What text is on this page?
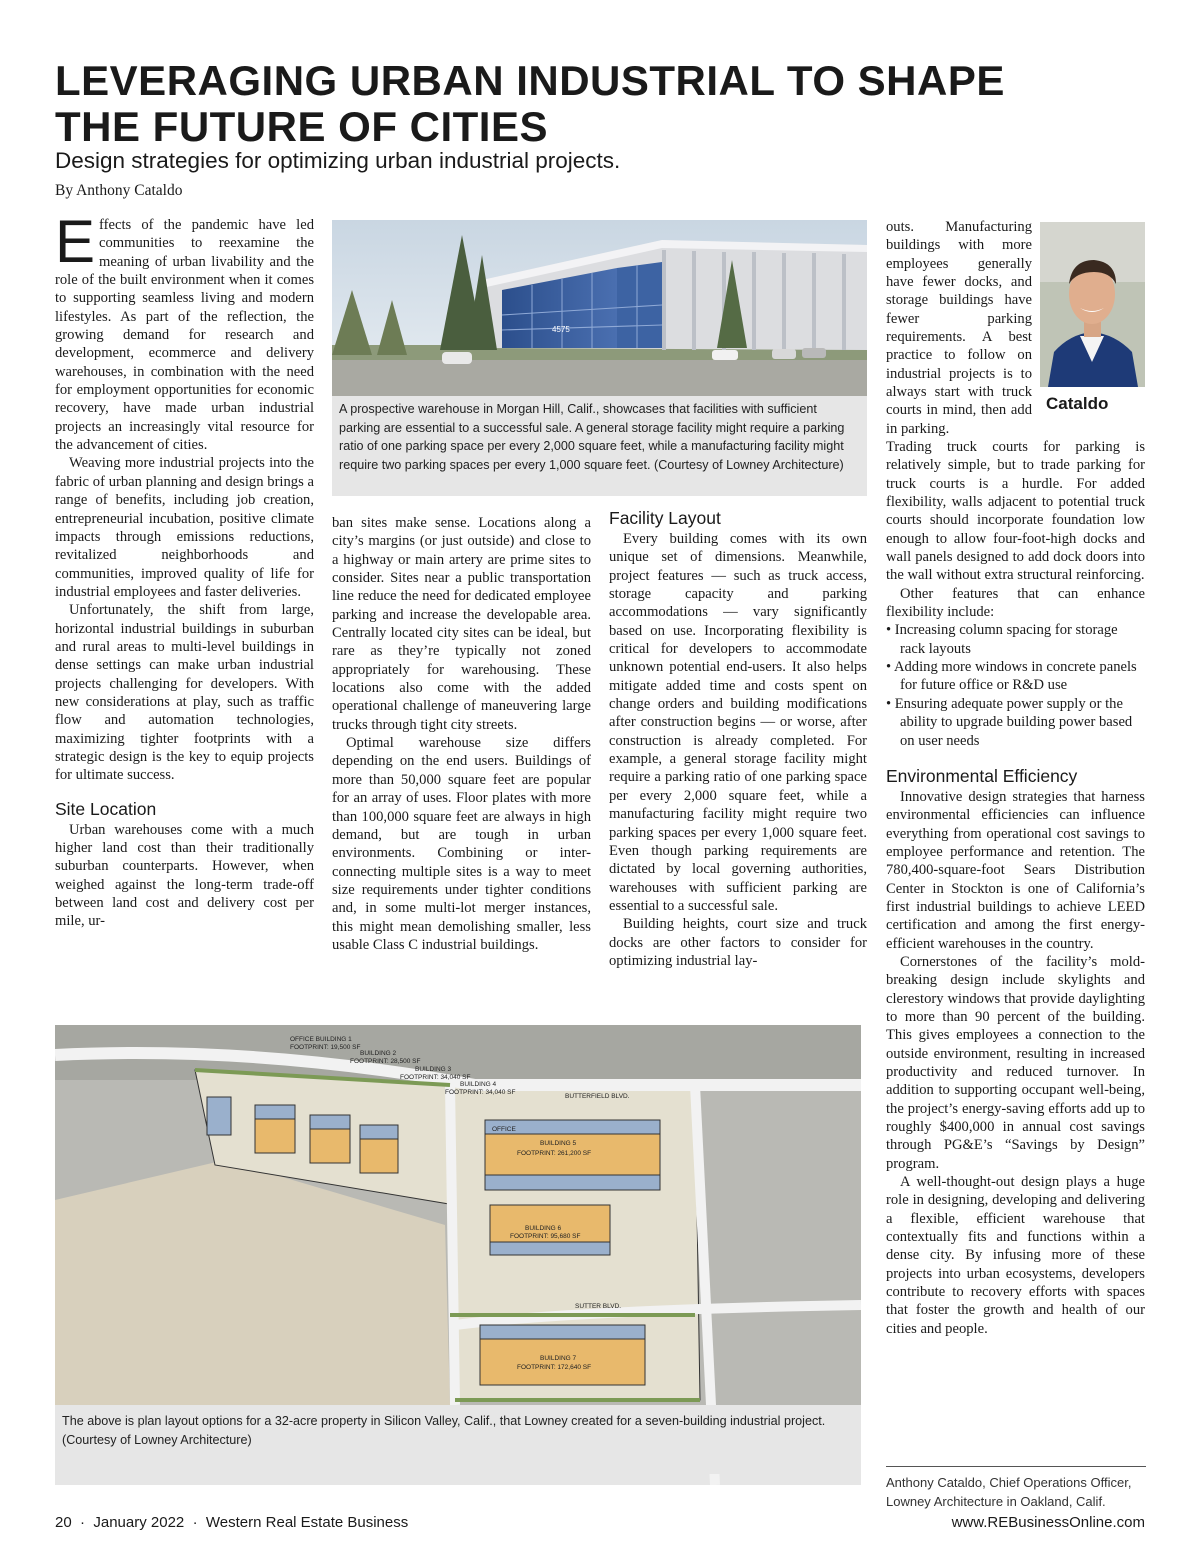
LEVERAGING URBAN INDUSTRIAL TO SHAPE THE FUTURE OF CITIES
Design strategies for optimizing urban industrial projects.
By Anthony Cataldo

Effects of the pandemic have led communities to reexamine the meaning of urban livability and the role of the built environment when it comes to supporting seamless living and modern lifestyles. As part of the reflection, the growing demand for research and development, ecommerce and delivery warehouses, in combination with the need for employment opportunities for economic recovery, have made urban industrial projects an increasingly vital resource for the advancement of cities.

Weaving more industrial projects into the fabric of urban planning and design brings a range of benefits, including job creation, entrepreneurial incubation, positive climate impacts through emissions reductions, revitalized neighborhoods and communities, improved quality of life for industrial employees and faster deliveries.

Unfortunately, the shift from large, horizontal industrial buildings in suburban and rural areas to multi-level buildings in dense settings can make urban industrial projects challenging for developers. With new considerations at play, such as traffic flow and automation technologies, maximizing tighter footprints with a strategic design is the key to equip projects for ultimate success.

Site Location

Urban warehouses come with a much higher land cost than their traditionally suburban counterparts. However, when weighed against the long-term trade-off between land cost and delivery cost per mile, ur-

4575
A prospective warehouse in Morgan Hill, Calif., showcases that facilities with sufficient parking are essential to a successful sale. A general storage facility might require a parking ratio of one parking space per every 2,000 square feet, while a manufacturing facility might require two parking spaces per every 1,000 square feet. (Courtesy of Lowney Architecture)

ban sites make sense. Locations along a city’s margins (or just outside) and close to a highway or main artery are prime sites to consider. Sites near a public transportation line reduce the need for dedicated employee parking and increase the developable area. Centrally located city sites can be ideal, but rare as they’re typically not zoned appropriately for warehousing. These locations also come with the added operational challenge of maneuvering large trucks through tight city streets.

Optimal warehouse size differs depending on the end users. Buildings of more than 50,000 square feet are popular for an array of uses. Floor plates with more than 100,000 square feet are always in high demand, but are tough in urban environments. Combining or inter-connecting multiple sites is a way to meet size requirements under tighter conditions and, in some multi-lot merger instances, this might mean demolishing smaller, less usable Class C industrial buildings.

Facility Layout

Every building comes with its own unique set of dimensions. Meanwhile, project features — such as truck access, storage capacity and parking accommodations — vary significantly based on use. Incorporating flexibility is critical for developers to accommodate unknown potential end-users. It also helps mitigate added time and costs spent on change orders and building modifications after construction begins — or worse, after construction is already completed. For example, a general storage facility might require a parking ratio of one parking space per every 2,000 square feet, while a manufacturing facility might require two parking spaces per every 1,000 square feet. Even though parking requirements are dictated by local governing authorities, warehouses with sufficient parking are essential to a successful sale.

Building heights, court size and truck docks are other factors to consider for optimizing industrial lay-

outs. Manufacturing buildings with more employees generally have fewer docks, and storage buildings have fewer parking requirements. A best practice to follow on industrial projects is to always start with truck courts in mind, then add in parking.

Cataldo

Trading truck courts for parking is relatively simple, but to trade parking for truck courts is a hurdle. For added flexibility, walls adjacent to potential truck courts should incorporate foundation low enough to allow four-foot-high docks and wall panels designed to add dock doors into the wall without extra structural reinforcing.

Other features that can enhance flexibility include:

• Increasing column spacing for storage rack layouts
• Adding more windows in concrete panels for future office or R&D use
• Ensuring adequate power supply or the ability to upgrade building power based on user needs
Environmental Efficiency

Innovative design strategies that harness environmental efficiencies can influence everything from operational cost savings to employee performance and retention. The 780,400-square-foot Sears Distribution Center in Stockton is one of California’s first industrial buildings to achieve LEED certification and among the first energy-efficient warehouses in the country.

Cornerstones of the facility’s mold-breaking design include skylights and clerestory windows that provide daylighting to more than 90 percent of the building. This gives employees a connection to the outside environment, resulting in increased productivity and reduced turnover. In addition to supporting occupant well-being, the project’s energy-saving efforts add up to roughly $400,000 in annual cost savings through PG&E’s “Savings by Design” program.

A well-thought-out design plays a huge role in designing, developing and delivering a flexible, efficient warehouse that contextually fits and functions within a dense city. By infusing more of these projects into urban ecosystems, developers contribute to recovery efforts with spaces that foster the growth and health of our cities and people.

OFFICE BUILDING 1
FOOTPRINT: 19,500 SF
BUILDING 2
FOOTPRINT: 28,500 SF
BUILDING 3
FOOTPRINT: 34,040 SF
BUILDING 4
FOOTPRINT: 34,040 SF
BUTTERFIELD BLVD.
BUILDING 5
FOOTPRINT: 261,200 SF
BUILDING 6
FOOTPRINT: 95,680 SF
BUILDING 7
FOOTPRINT: 172,640 SF
SUTTER BLVD.
OFFICE
The above is plan layout options for a 32-acre property in Silicon Valley, Calif., that Lowney created for a seven-building industrial project. (Courtesy of Lowney Architecture)
Anthony Cataldo, Chief Operations Officer,
Lowney Architecture in Oakland, Calif.
20  ·  January 2022  ·  Western Real Estate Business	www.REBusinessOnline.com
